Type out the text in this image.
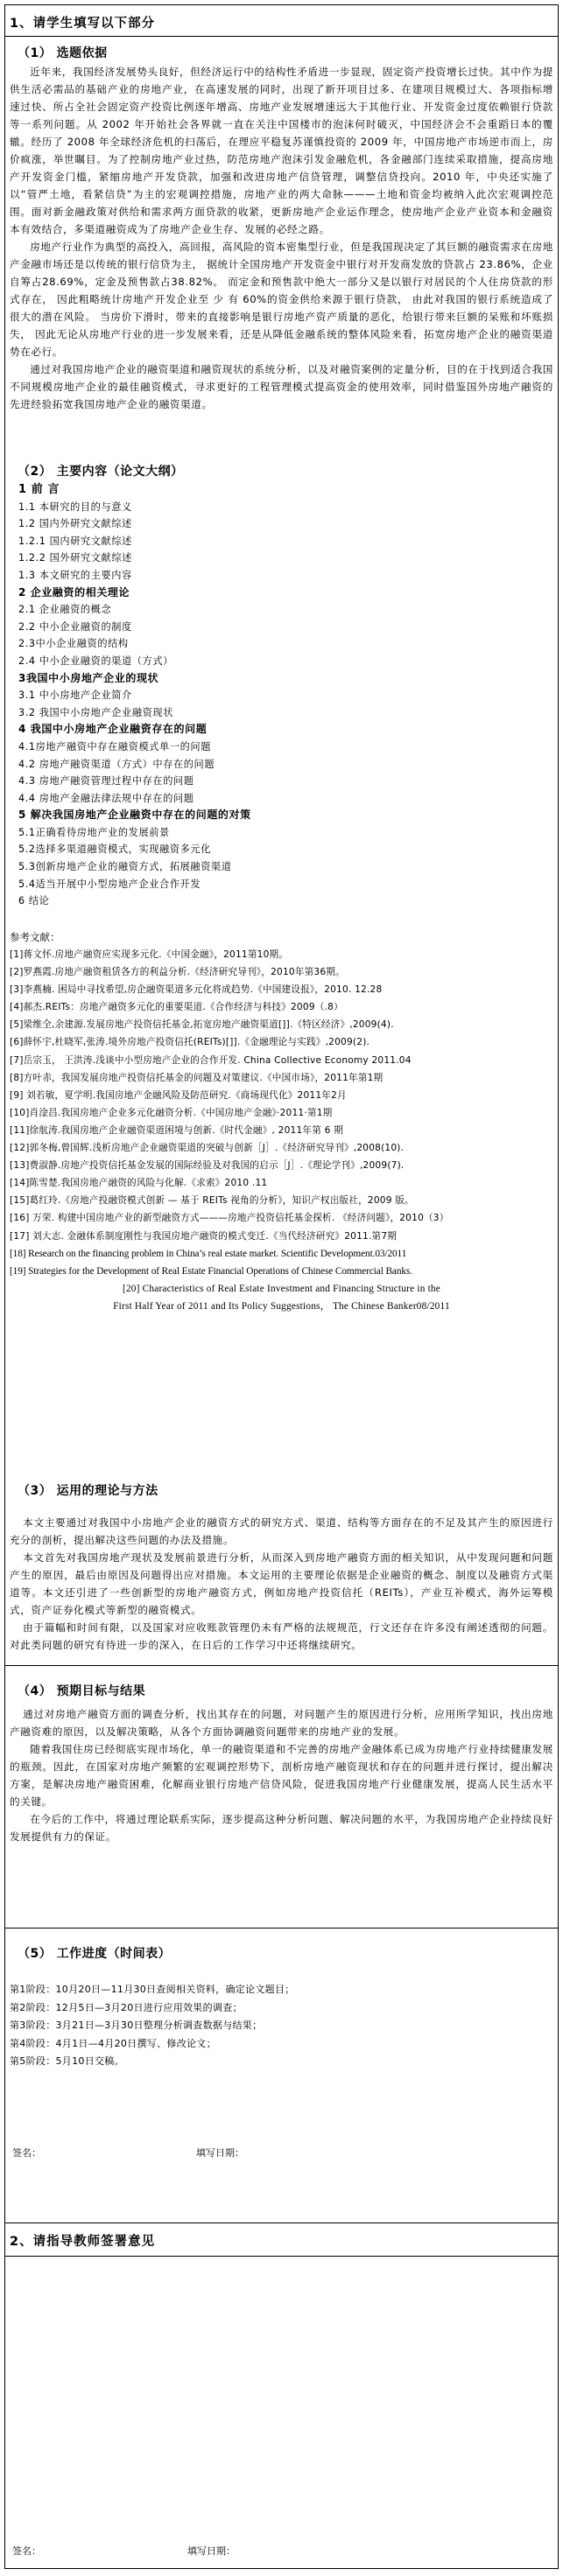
1、请学生填写以下部分
（1） 选题依据

近年来，我国经济发展势头良好，但经济运行中的结构性矛盾进一步显现，固定资产投资增长过快。其中作为提供生活必需品的基础产业的房地产业，在高速发展的同时，出现了新开项目过多、在建项目规模过大、各项指标增速过快、所占全社会固定资产投资比例逐年增高、房地产业发展增速远大于其他行业、开发资金过度依赖银行贷款等一系列问题。从 2002 年开始社会各界就一直在关注中国楼市的泡沫何时破灭，中国经济会不会重蹈日本的覆辙。经历了 2008 年全球经济危机的扫荡后，在理应平稳复苏谨慎投资的 2009 年，中国房地产市场逆市而上，房价疯涨，举世瞩目。为了控制房地产业过热，防范房地产泡沫引发金融危机，各金融部门连续采取措施，提高房地产开发资金门槛，紧缩房地产开发贷款，加强和改进房地产信贷管理，调整信贷投向。2010 年，中央还实施了以“管严土地，看紧信贷”为主的宏观调控措施，房地产业的两大命脉———土地和资金均被纳入此次宏观调控范围。面对新金融政策对供给和需求两方面贷款的收紧，更新房地产企业运作理念，使房地产企业产业资本和金融资本有效结合，多渠道融资成为了房地产企业生存、发展的必经之路。

房地产行业作为典型的高投入，高回报，高风险的资本密集型行业，但是我国现决定了其巨额的融资需求在房地产金融市场还是以传统的银行信贷为主， 据统计全国房地产开发资金中银行对开发商发放的贷款占 23.86%，企业自筹占28.69%，定金及预售款占38.82%。 而定金和预售款中绝大一部分又是以银行对居民的个人住房贷款的形式存在， 因此粗略统计房地产开发企业至 少 有 60%的资金供给来源于银行贷款， 由此对我国的银行系统造成了很大的潜在风险。 当房价下滑时，带来的直接影响是银行房地产资产质量的恶化，给银行带来巨额的呆账和坏账损失， 因此无论从房地产行业的进一步发展来看，还是从降低金融系统的整体风险来看，拓宽房地产企业的融资渠道势在必行。

通过对我国房地产企业的融资渠道和融资现状的系统分析，以及对融资案例的定量分析，目的在于找到适合我国不同规模房地产企业的最佳融资模式，寻求更好的工程管理模式提高资金的使用效率，同时借鉴国外房地产融资的先进经验拓宽我国房地产企业的融资渠道。

（2） 主要内容（论文大纲）
1 前 言
1.1 本研究的目的与意义
1.2 国内外研究文献综述
1.2.1 国内研究文献综述
1.2.2 国外研究文献综述
1.3 本文研究的主要内容
2 企业融资的相关理论
2.1 企业融资的概念
2.2 中小企业融资的制度
2.3中小企业融资的结构
2.4 中小企业融资的渠道（方式）
3我国中小房地产企业的现状
3.1 中小房地产企业简介
3.2 我国中小房地产企业融资现状
4 我国中小房地产企业融资存在的问题
4.1房地产融资中存在融资模式单一的问题
4.2 房地产融资渠道（方式）中存在的问题
4.3 房地产融资管理过程中存在的问题
4.4 房地产金融法律法规中存在的问题
5 解决我国房地产企业融资中存在的问题的对策
5.1正确看待房地产业的发展前景
5.2选择多渠道融资模式，实现融资多元化
5.3创新房地产企业的融资方式，拓展融资渠道
5.4适当开展中小型房地产企业合作开发
6 结论
参考文献：
[1]蒋文怀.房地产融资应实现多元化.《中国金融》，2011第10期。
[2]罗燕霞.房地产融资租赁各方的利益分析.《经济研究导刊》，2010年第36期。
[3]李燕楠. 困局中寻找希望,房企融资渠道多元化将成趋势.《中国建设报》，2010. 12.28
[4]郝杰.REITs：房地产融资多元化的重要渠道.《合作经济与科技》2009（.8）
[5]梁维全,余建源.发展房地产投资信托基金,拓宽房地产融资渠道[]].《特区经济》,2009(4).
[6]薛怀宇,杜晓军,张涛.境外房地产投资信托(REITs)[]].《金融理论与实践》,2009(2).
[7]岳宗玉， 王洪涛.浅谈中小型房地产企业的合作开发. China Collective Economy 2011.04
[8]方叶赤，我国发展房地产投资信托基金的问题及对策建议.《中国市场》，2011年第1期
[9] 刘若敏，夏学明.我国房地产金融风险及防范研究.《商场现代化》2011年2月
[10]肖淦昌.我国房地产企业多元化融资分析.《中国房地产金融》·2011·第1期
[11]徐航涛.我国房地产企业融资渠道困境与创新.《时代金融》, 2011年第 6 期
[12]郭冬梅,曾国辉.浅析房地产企业融资渠道的突破与创新［J］.《经济研究导刊》,2008(10).
[13]费淑静.房地产投资信托基金发展的国际经验及对我国的启示［J］.《理论学刊》,2009(7).
[14]陈雪楚.我国房地产融资的风险与化解.《求索》2010 .11
[15]葛红玲.《房地产投融资模式创新 — 基于 REITs 视角的分析》，知识产权出版社，2009 版。
[16] 万荣. 构建中国房地产业的新型融资方式———房地产投资信托基金探析. 《经济问题》，2010（3）
[17] 刘大志. 金融体系制度刚性与我国房地产融资的模式变迁.《当代经济研究》2011.第7期
[18] Research on the financing problem in China’s real estate market. Scientific Development.03/2011
[19] Strategies for the Development of Real Estate Financial Operations of Chinese Commercial Banks.
[20] Characteristics of Real Estate Investment and Financing Structure in the
First Half Year of 2011 and Its Policy Suggestions， The Chinese Banker08/2011
（3） 运用的理论与方法

本文主要通过对我国中小房地产企业的融资方式的研究方式、渠道、结构等方面存在的不足及其产生的原因进行充分的剖析，提出解决这些问题的办法及措施。

本文首先对我国房地产现状及发展前景进行分析，从而深入到房地产融资方面的相关知识，从中发现问题和问题产生的原因，最后由原因及问题得出应对措施。本文运用的主要理论依据是企业融资的概念、制度以及融资方式渠道等。本文还引进了一些创新型的房地产融资方式，例如房地产投资信托（REITs），产业互补模式，海外运筹模式，资产证券化模式等新型的融资模式。

由于篇幅和时间有限，以及国家对应收账款管理仍未有严格的法规规范，行文还存在许多没有阐述透彻的问题。对此类问题的研究有待进一步的深入，在日后的工作学习中还将继续研究。

（4） 预期目标与结果

通过对房地产融资方面的调查分析，找出其存在的问题，对问题产生的原因进行分析，应用所学知识，找出房地产融资难的原因，以及解决策略，从各个方面协调融资问题带来的房地产业的发展。

随着我国住房已经彻底实现市场化，单一的融资渠道和不完善的房地产金融体系已成为房地产行业持续健康发展的瓶颈。因此，在国家对房地产频繁的宏观调控形势下，剖析房地产融资现状和存在的问题并进行探讨，提出解决方案，是解决房地产融资困难，化解商业银行房地产信贷风险，促进我国房地产行业健康发展，提高人民生活水平的关键。

在今后的工作中，将通过理论联系实际，逐步提高这种分析问题、解决问题的水平，为我国房地产企业持续良好发展提供有力的保证。

（5） 工作进度（时间表）
第1阶段：10月20日—11月30日查阅相关资料，确定论文题目；
第2阶段：12月5日—3月20日进行应用效果的调查；
第3阶段：3月21日—3月30日整理分析调查数据与结果；
第4阶段：4月1日—4月20日撰写、修改论文；
第5阶段：5月10日交稿。
签名：	填写日期：
2、请指导教师签署意见
签名：	填写日期：
